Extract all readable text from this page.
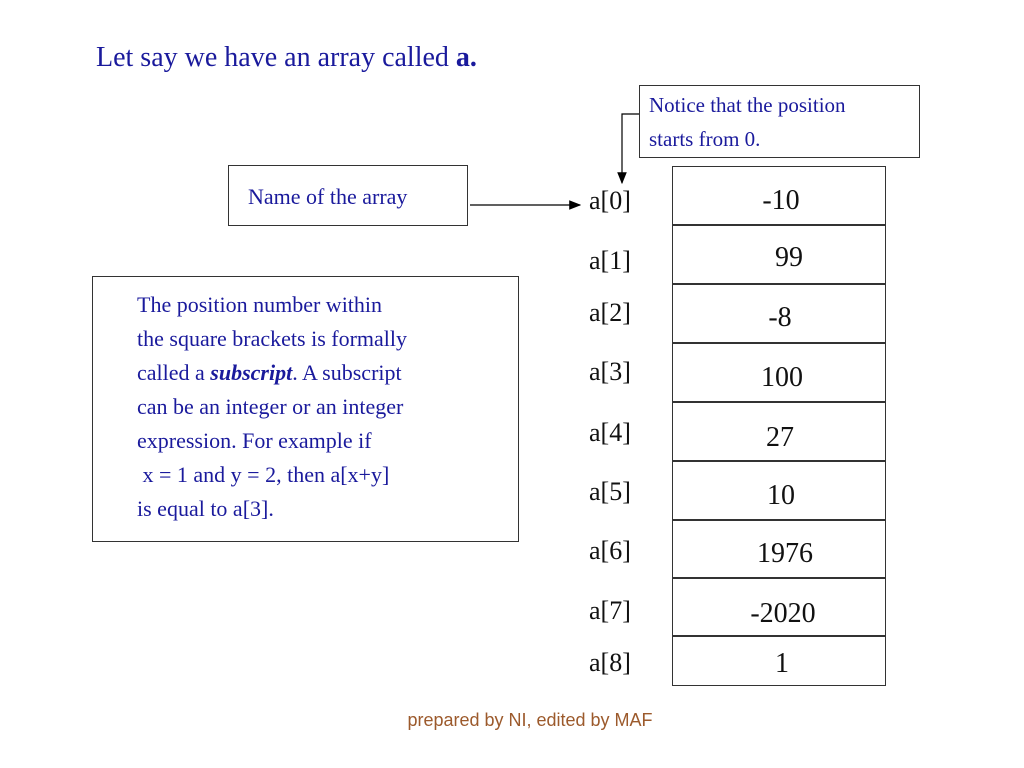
Let say we have an array called a.
Notice that the position
starts from 0.
Name of the array
The position number within
the square brackets is formally
called a subscript. A subscript
can be an integer or an integer
expression. For example if
x = 1 and y = 2, then a[x+y]
is equal to a[3].
a[0]	-10
a[1]	99
a[2]	-8
a[3]	100
a[4]	27
a[5]	10
a[6]	1976
a[7]	-2020
a[8]	1
prepared by NI, edited by MAF
